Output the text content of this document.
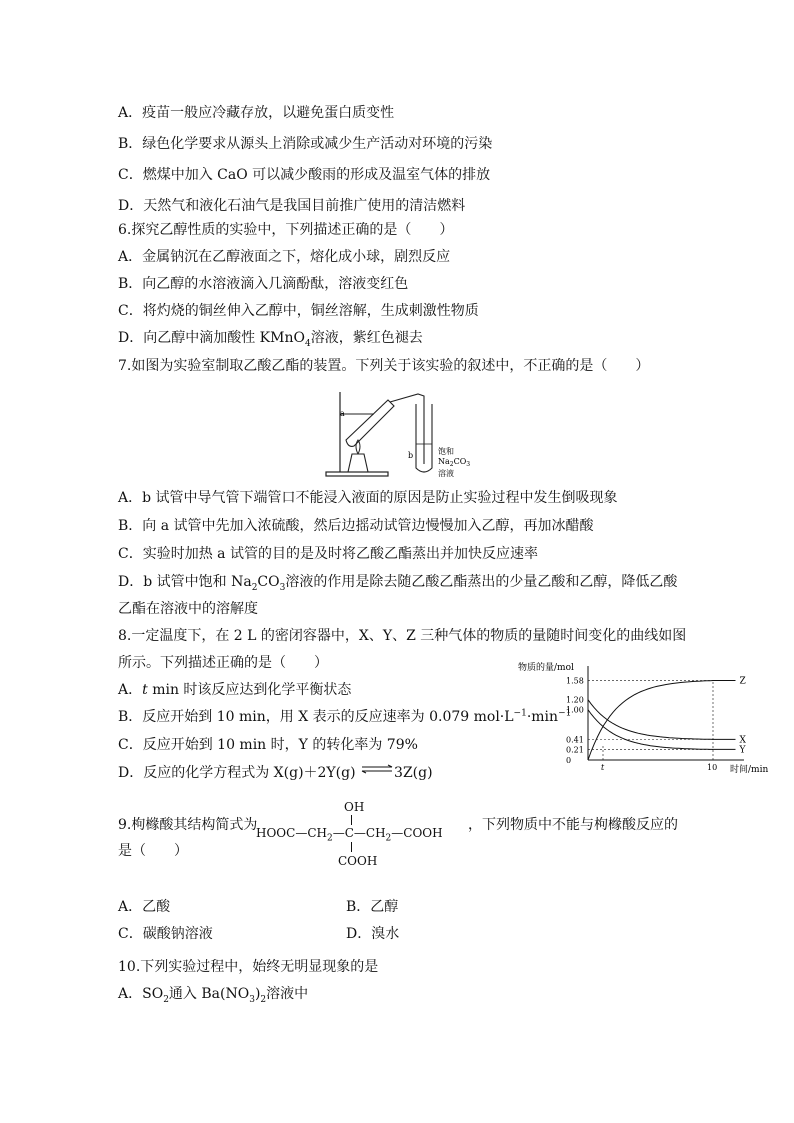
A．疫苗一般应冷藏存放，以避免蛋白质变性
B．绿色化学要求从源头上消除或减少生产活动对环境的污染
C．燃煤中加入 CaO 可以减少酸雨的形成及温室气体的排放
D．天然气和液化石油气是我国目前推广使用的清洁燃料
6.探究乙醇性质的实验中，下列描述正确的是（　　）
A．金属钠沉在乙醇液面之下，熔化成小球，剧烈反应
B．向乙醇的水溶液滴入几滴酚酞，溶液变红色
C．将灼烧的铜丝伸入乙醇中，铜丝溶解，生成刺激性物质
D．向乙醇中滴加酸性 KMnO$_4$溶液，紫红色褪去
7.如图为实验室制取乙酸乙酯的装置。下列关于该实验的叙述中，不正确的是（　　）
a
b	饱和
$Na_2CO_3$
溶液
A．b 试管中导气管下端管口不能浸入液面的原因是防止实验过程中发生倒吸现象
B．向 a 试管中先加入浓硫酸，然后边摇动试管边慢慢加入乙醇，再加冰醋酸
C．实验时加热 a 试管的目的是及时将乙酸乙酯蒸出并加快反应速率
D．b 试管中饱和 $Na_2CO_3$溶液的作用是除去随乙酸乙酯蒸出的少量乙酸和乙醇，降低乙酸
乙酯在溶液中的溶解度
8.一定温度下，在 2 L 的密闭容器中，X、Y、Z 三种气体的物质的量随时间变化的曲线如图
所示。下列描述正确的是（　　）
A．t min 时该反应达到化学平衡状态
B．反应开始到 10 min，用 X 表示的反应速率为 0.079 $mol\cdot L^{-1}\cdot\min^{-1}$
C．反应开始到 10 min 时，Y 的转化率为 79%
D．反应的化学方程式为 X(g)＋2Y(g) ⇌3Z(g)
物质的量/mol
时间/min
1.58
1.20
1.00
0.41
0.21
0
t	10
Z
X
Y
9.枸橼酸其结构简式为	，下列物质中不能与枸橼酸反应的
是（　　）
OH
$HOOC—CH_2—C—CH_2—COOH$
COOH
A．乙酸	B．乙醇
C．碳酸钠溶液	D．溴水
10.下列实验过程中，始终无明显现象的是
A．$SO_2$通入 $Ba(NO_3)_2$溶液中
